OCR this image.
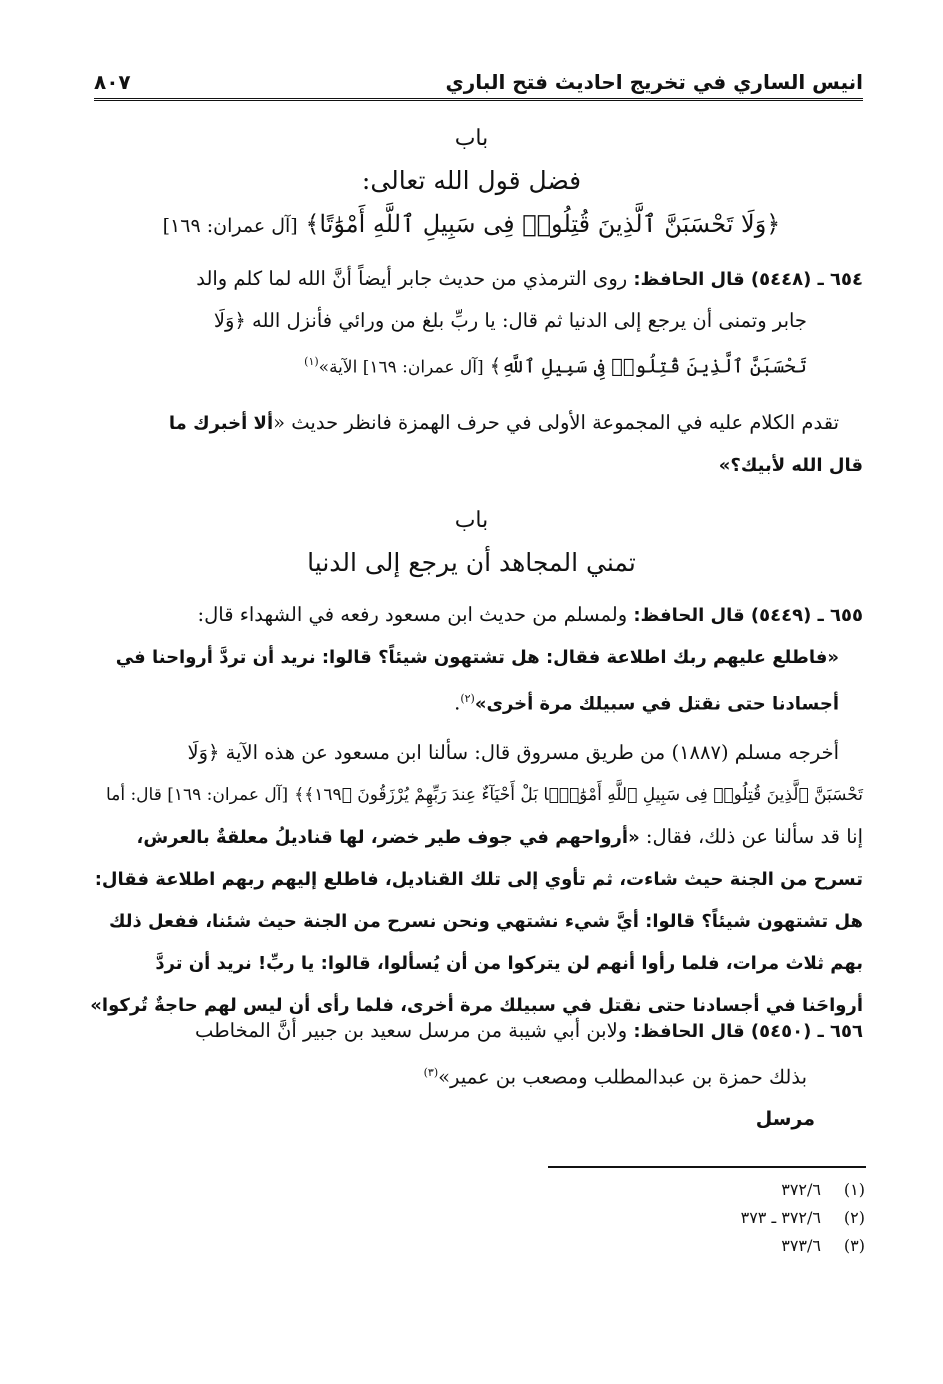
انيس الساري في تخريج احاديث فتح الباري
٨٠٧
باب
فضل قول الله تعالى:
﴿وَلَا تَحْسَبَنَّ ٱلَّذِينَ قُتِلُوا۟ فِى سَبِيلِ ٱللَّهِ أَمْوَٰتًا﴾ [آل عمران: ١٦٩]
٦٥٤ ـ (٥٤٤٨) قال الحافظ: روى الترمذي من حديث جابر أيضاً أنَّ الله لما كلم والد
جابر وتمنى أن يرجع إلى الدنيا ثم قال: يا ربِّ بلغ من ورائي فأنزل الله ﴿وَلَا
تَحْسَبَنَّ ٱلَّذِينَ قُتِلُوا۟ فِى سَبِيلِ ٱللَّهِ﴾ [آل عمران: ١٦٩] الآية»$^{(١)}$
تقدم الكلام عليه في المجموعة الأولى في حرف الهمزة فانظر حديث «ألا أخبرك ما
قال الله لأبيك؟»
باب
تمني المجاهد أن يرجع إلى الدنيا
٦٥٥ ـ (٥٤٤٩) قال الحافظ: ولمسلم من حديث ابن مسعود رفعه في الشهداء قال:
«فاطلع عليهم ربك اطلاعة فقال: هل تشتهون شيئاً؟ قالوا: نريد أن تردَّ أرواحنا في
أجسادنا حتى نقتل في سبيلك مرة أخرى»$^{(٢)}$.
أخرجه مسلم (١٨٨٧) من طريق مسروق قال: سألنا ابن مسعود عن هذه الآية ﴿وَلَا
تَحْسَبَنَّ ٱلَّذِينَ قُتِلُوا۟ فِى سَبِيلِ ٱللَّهِ أَمْوَٰتًۢا بَلْ أَحْيَآءٌ عِندَ رَبِّهِمْ يُرْزَقُونَ ﴿١٦٩﴾﴾ [آل عمران: ١٦٩] قال: أما
إنا قد سألنا عن ذلك، فقال: «أرواحهم في جوف طير خضر، لها قناديلُ معلقةٌ بالعرش،
تسرح من الجنة حيث شاءت، ثم تأوي إلى تلك القناديل، فاطلع إليهم ربهم اطلاعة فقال:
هل تشتهون شيئاً؟ قالوا: أيَّ شيء نشتهي ونحن نسرح من الجنة حيث شئنا، ففعل ذلك
بهم ثلاث مرات، فلما رأوا أنهم لن يتركوا من أن يُسألوا، قالوا: يا ربِّ! نريد أن تردَّ
أرواحَنا في أجسادنا حتى نقتل في سبيلك مرة أخرى، فلما رأى أن ليس لهم حاجةٌ تُركوا»
٦٥٦ ـ (٥٤٥٠) قال الحافظ: ولابن أبي شيبة من مرسل سعيد بن جبير أنَّ المخاطب
بذلك حمزة بن عبدالمطلب ومصعب بن عمير»$^{(٣)}$
مرسل
(١)
٣٧٢/٦
(٢)
٣٧٢/٦ ـ ٣٧٣
(٣)
٣٧٣/٦
